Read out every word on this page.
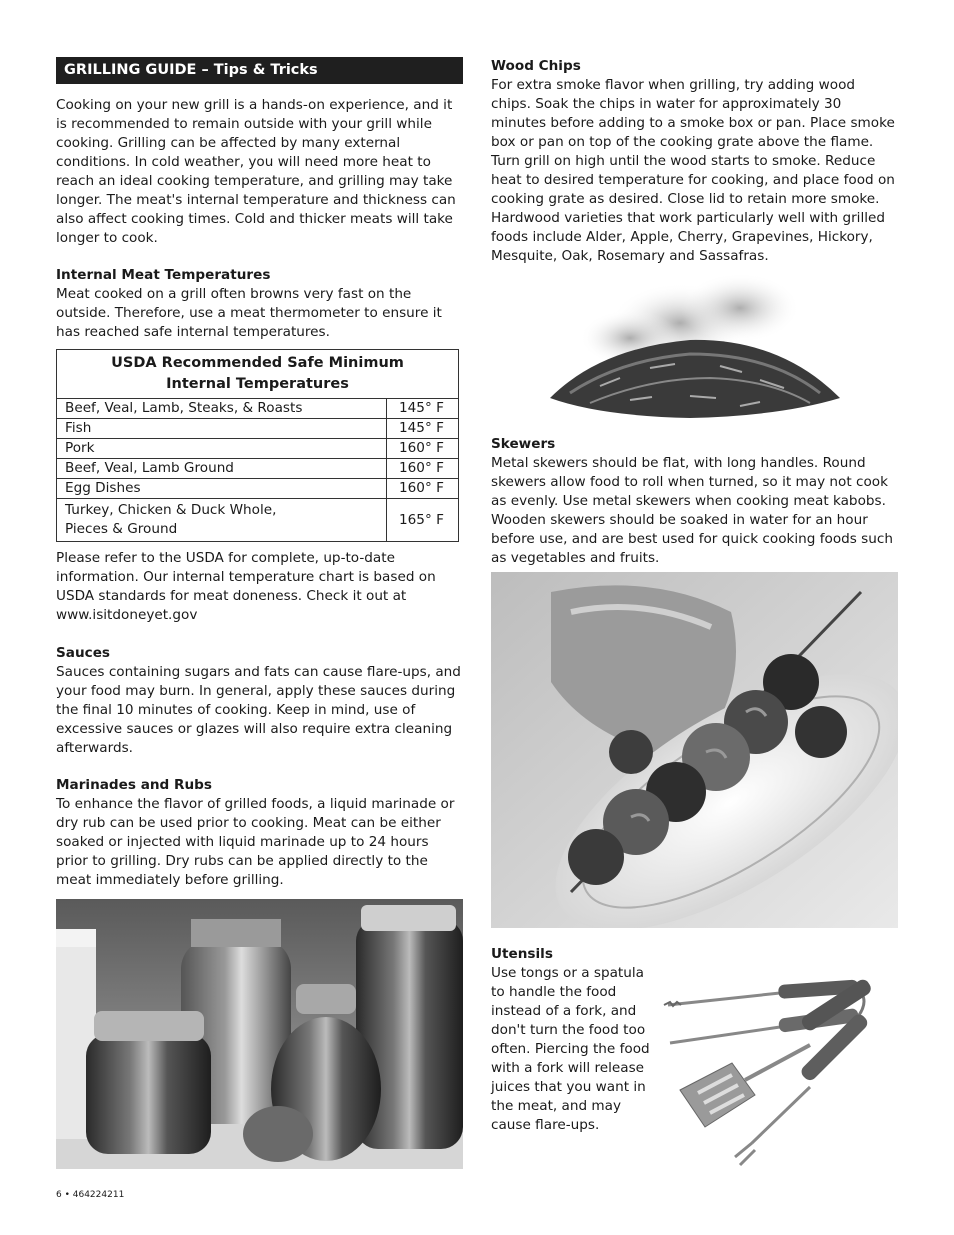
GRILLING GUIDE – Tips & Tricks

Cooking on your new grill is a hands-on experience, and it is recommended to remain outside with your grill while cooking. Grilling can be affected by many external conditions. In cold weather, you will need more heat to reach an ideal cooking temperature, and grilling may take longer. The meat's internal temperature and thickness can also affect cooking times. Cold and thicker meats will take longer to cook.

Internal Meat Temperatures

Meat cooked on a grill often browns very fast on the outside. Therefore, use a meat thermometer to ensure it has reached safe internal temperatures.

USDA Recommended Safe Minimum
Internal Temperatures	
Beef, Veal, Lamb, Steaks, & Roasts	145° F
Fish	145° F
Pork	160° F
Beef, Veal, Lamb Ground	160° F
Egg Dishes	160° F
Turkey, Chicken & Duck Whole,
Pieces & Ground	165° F

Please refer to the USDA for complete, up-to-date information. Our internal temperature chart is based on USDA standards for meat doneness. Check it out at www.isitdoneyet.gov

Sauces

Sauces containing sugars and fats can cause flare-ups, and your food may burn. In general, apply these sauces during the final 10 minutes of cooking. Keep in mind, use of excessive sauces or glazes will also require extra cleaning afterwards.

Marinades and Rubs

To enhance the flavor of grilled foods, a liquid marinade or dry rub can be used prior to cooking. Meat can be either soaked or injected with liquid marinade up to 24 hours prior to grilling. Dry rubs can be applied directly to the meat immediately before grilling.

Wood Chips

For extra smoke flavor when grilling, try adding wood chips. Soak the chips in water for approximately 30 minutes before adding to a smoke box or pan. Place smoke box or pan on top of the cooking grate above the flame. Turn grill on high until the wood starts to smoke. Reduce heat to desired temperature for cooking, and place food on cooking grate as desired. Close lid to retain more smoke. Hardwood varieties that work particularly well with grilled foods include Alder, Apple, Cherry, Grapevines, Hickory, Mesquite, Oak, Rosemary and Sassafras.

Skewers

Metal skewers should be flat, with long handles. Round skewers allow food to roll when turned, so it may not cook as evenly. Use metal skewers when cooking meat kabobs. Wooden skewers should be soaked in water for an hour before use, and are best used for quick cooking foods such as vegetables and fruits.

Utensils

Use tongs or a spatula to handle the food instead of a fork, and don't turn the food too often. Piercing the food with a fork will release juices that you want in the meat, and may cause flare-ups.

6 • 464224211
